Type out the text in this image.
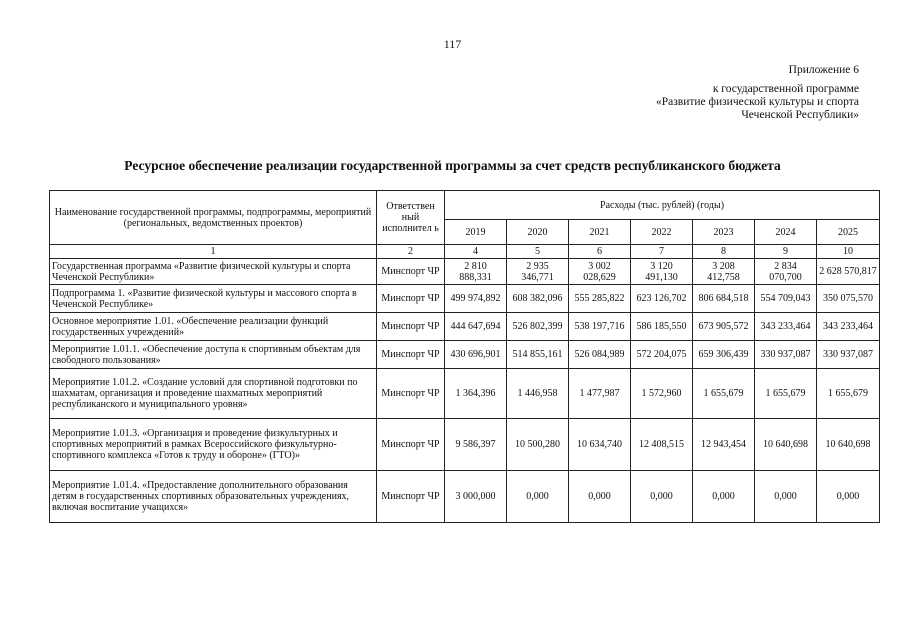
117
Приложение 6
к государственной программе
«Развитие физической культуры и спорта
Чеченской Республики»
Ресурсное обеспечение реализации государственной программы за счет средств республиканского бюджета
Наименование государственной программы, подпрограммы, мероприятий (региональных, ведомственных проектов)	Ответствен ный исполнител ь	Расходы (тыс. рублей) (годы)						
		2019	2020	2021	2022	2023	2024	2025
1	2	4	5	6	7	8	9	10
Государственная программа «Развитие физической культуры и спорта Чеченской Республики»	Минспорт ЧР	2 810 888,331	2 935 346,771	3 002 028,629	3 120 491,130	3 208 412,758	2 834 070,700	2 628 570,817
Подпрограмма 1. «Развитие физической культуры и массового спорта в Чеченской Республике»	Минспорт ЧР	499 974,892	608 382,096	555 285,822	623 126,702	806 684,518	554 709,043	350 075,570
Основное мероприятие 1.01. «Обеспечение реализации функций государственных учреждений»	Минспорт ЧР	444 647,694	526 802,399	538 197,716	586 185,550	673 905,572	343 233,464	343 233,464
Мероприятие 1.01.1. «Обеспечение доступа к спортивным объектам для свободного пользования»	Минспорт ЧР	430 696,901	514 855,161	526 084,989	572 204,075	659 306,439	330 937,087	330 937,087
Мероприятие 1.01.2. «Создание условий для спортивной подготовки по шахматам, организация и проведение шахматных мероприятий республиканского и муниципального уровня»	Минспорт ЧР	1 364,396	1 446,958	1 477,987	1 572,960	1 655,679	1 655,679	1 655,679
Мероприятие 1.01.3. «Организация и проведение физкультурных и спортивных мероприятий в рамках Всероссийского физкультурно-спортивного комплекса «Готов к труду и обороне» (ГТО)»	Минспорт ЧР	9 586,397	10 500,280	10 634,740	12 408,515	12 943,454	10 640,698	10 640,698
Мероприятие 1.01.4. «Предоставление дополнительного образования детям в государственных спортивных образовательных учреждениях, включая воспитание учащихся»	Минспорт ЧР	3 000,000	0,000	0,000	0,000	0,000	0,000	0,000
